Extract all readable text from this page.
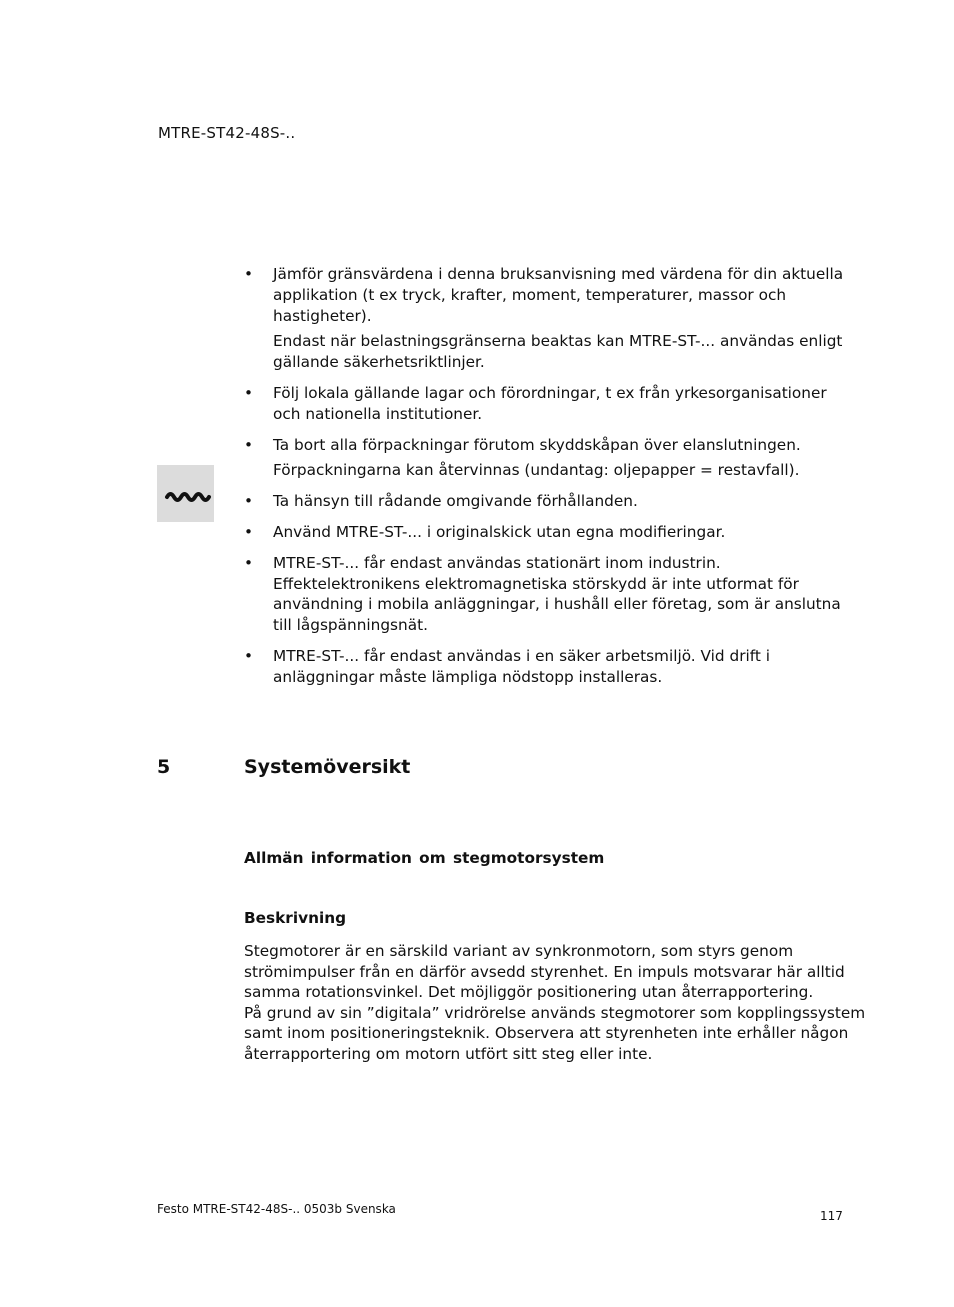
MTRE-ST42-48S-..
• Jämför gränsvärdena i denna bruksanvisning med värdena för din aktuella applikation (t ex tryck, krafter, moment, temperaturer, massor och hastigheter).

Endast när belastningsgränserna beaktas kan MTRE-ST-... användas enligt gällande säkerhetsriktlinjer.

• Följ lokala gällande lagar och förordningar, t ex från yrkesorganisationer och nationella institutioner.

• Ta bort alla förpackningar förutom skyddskåpan över elanslutningen.

Förpackningarna kan återvinnas (undantag: oljepapper = restavfall).

• Ta hänsyn till rådande omgivande förhållanden.

• Använd MTRE-ST-... i originalskick utan egna modifieringar.

• MTRE-ST-... får endast användas stationärt inom industrin. Effektelektronikens elektromagnetiska störskydd är inte utformat för användning i mobila anläggningar, i hushåll eller företag, som är anslutna till lågspänningsnät.

• MTRE-ST-... får endast användas i en säker arbetsmiljö. Vid drift i anläggningar måste lämpliga nödstopp installeras.

5	Systemöversikt
Allmän information om stegmotorsystem
Beskrivning
Stegmotorer är en särskild variant av synkronmotorn, som styrs genom
strömimpulser från en därför avsedd styrenhet. En impuls motsvarar här alltid
samma rotationsvinkel. Det möjliggör positionering utan återrapportering.
På grund av sin ”digitala” vridrörelse används stegmotorer som kopplingssystem
samt inom positioneringsteknik. Observera att styrenheten inte erhåller någon
återrapportering om motorn utfört sitt steg eller inte.
Festo MTRE-ST42-48S-.. 0503b Svenska	117
